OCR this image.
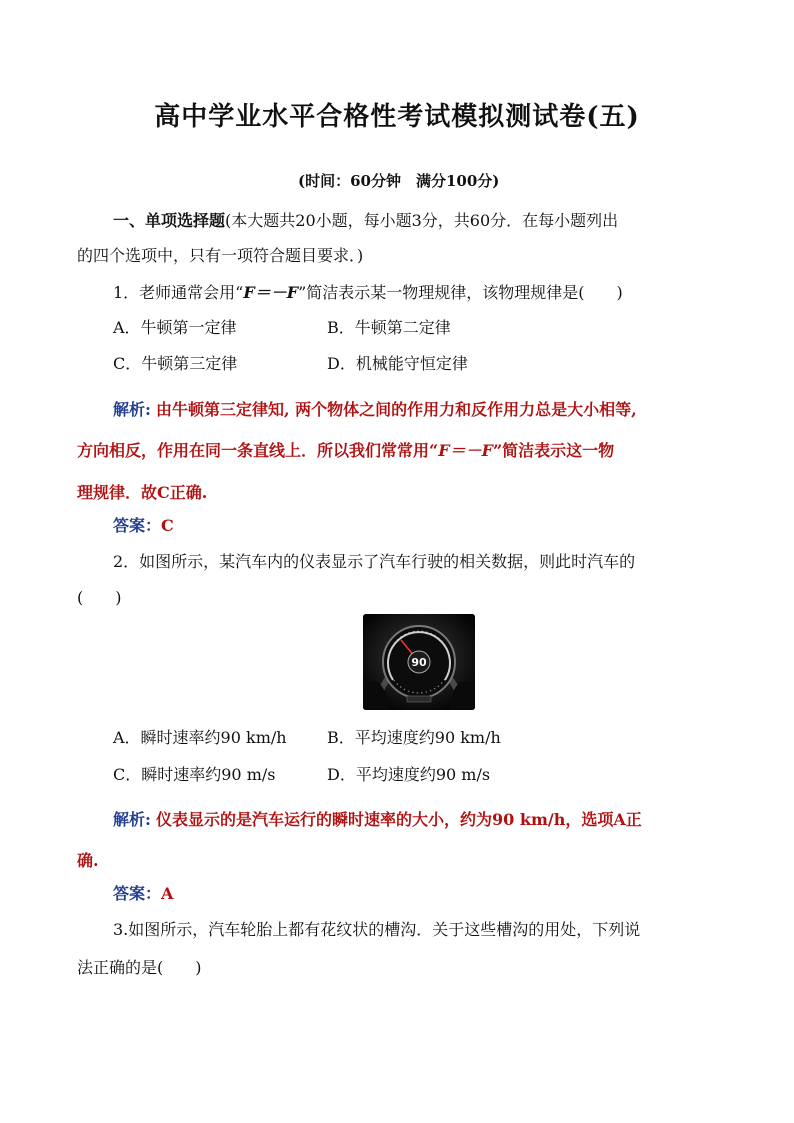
高中学业水平合格性考试模拟测试卷(五)
(时间：60分钟　满分100分)
一、单项选择题(本大题共20小题，每小题3分，共60分．在每小题列出
的四个选项中，只有一项符合题目要求．)
1．老师通常会用“F＝－F”简洁表示某一物理规律，该物理规律是(　　)
A．牛顿第一定律	B．牛顿第二定律
C．牛顿第三定律	D．机械能守恒定律
解析: 由牛顿第三定律知, 两个物体之间的作用力和反作用力总是大小相等,
方向相反，作用在同一条直线上．所以我们常常用“F＝－F”简洁表示这一物
理规律．故C正确.
答案：C
2．如图所示，某汽车内的仪表显示了汽车行驶的相关数据，则此时汽车的
(　　)
90
A．瞬时速率约90 km/h	B．平均速度约90 km/h
C．瞬时速率约90 m/s	D．平均速度约90 m/s
解析: 仪表显示的是汽车运行的瞬时速率的大小，约为90 km/h，选项A正
确.
答案：A
3.如图所示，汽车轮胎上都有花纹状的槽沟．关于这些槽沟的用处，下列说
法正确的是(　　)
